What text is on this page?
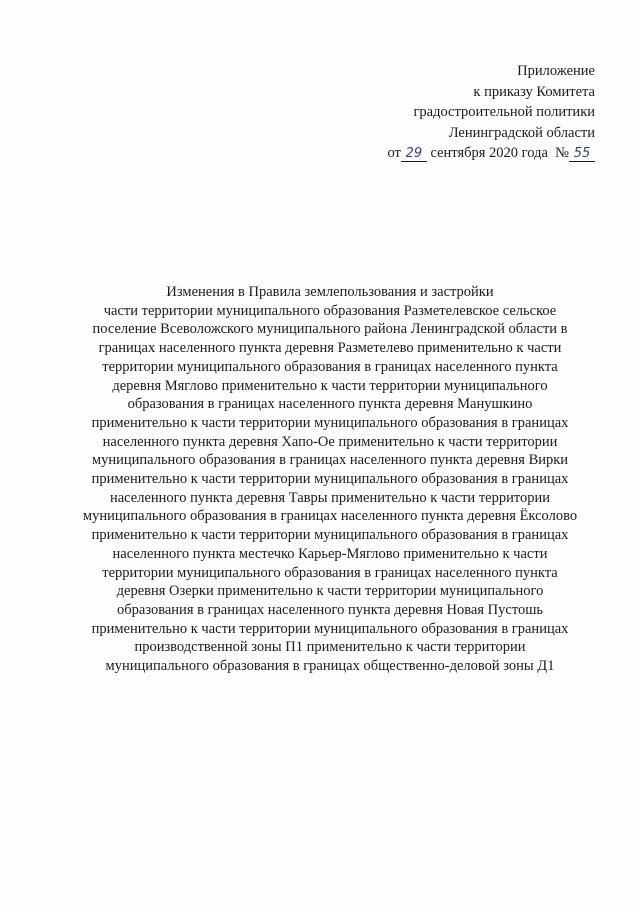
Приложение
к приказу Комитета
градостроительной политики
Ленинградской области
от 29 сентября 2020 года № 55
Изменения в Правила землепользования и застройки
части территории муниципального образования Разметелевское сельское
поселение Всеволожского муниципального района Ленинградской области в
границах населенного пункта деревня Разметелево применительно к части
территории муниципального образования в границах населенного пункта
деревня Мяглово применительно к части территории муниципального
образования в границах населенного пункта деревня Манушкино
применительно к части территории муниципального образования в границах
населенного пункта деревня Хапо-Ое применительно к части территории
муниципального образования в границах населенного пункта деревня Вирки
применительно к части территории муниципального образования в границах
населенного пункта деревня Тавры применительно к части территории
муниципального образования в границах населенного пункта деревня Ёксолово
применительно к части территории муниципального образования в границах
населенного пункта местечко Карьер-Мяглово применительно к части
территории муниципального образования в границах населенного пункта
деревня Озерки применительно к части территории муниципального
образования в границах населенного пункта деревня Новая Пустошь
применительно к части территории муниципального образования в границах
производственной зоны П1 применительно к части территории
муниципального образования в границах общественно-деловой зоны Д1
